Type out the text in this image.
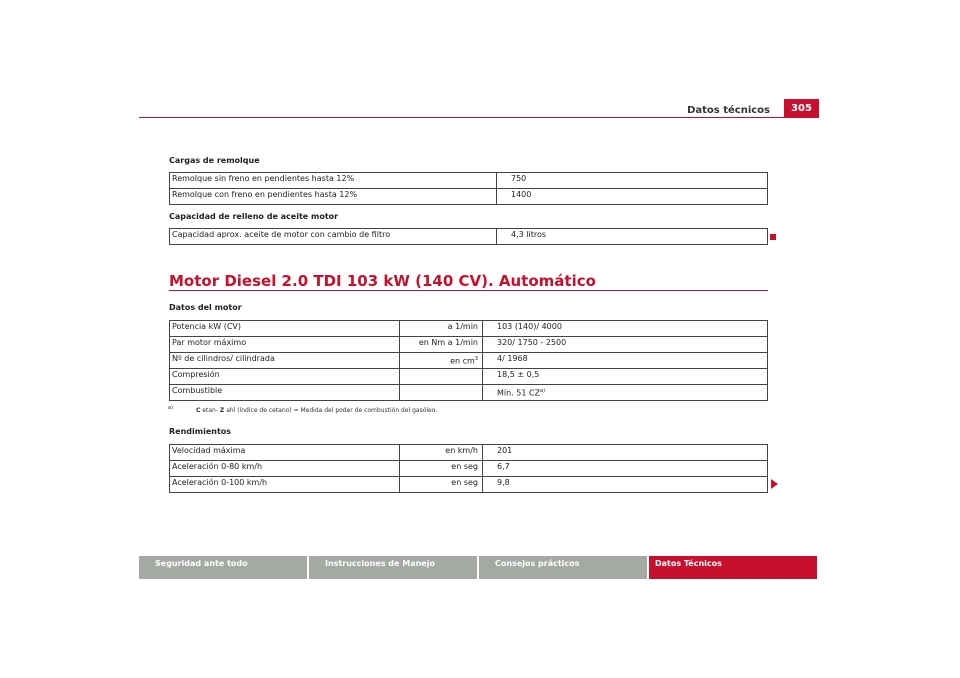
Datos técnicos	305
Cargas de remolque
Remolque sin freno en pendientes hasta 12%	750
Remolque con freno en pendientes hasta 12%	1400
Capacidad de relleno de aceite motor
Capacidad aprox. aceite de motor con cambio de filtro	4,3 litros
Motor Diesel 2.0 TDI 103 kW (140 CV). Automático
Datos del motor
Potencia kW (CV)	a 1/min	103 (140)/ 4000
Par motor máximo	en Nm a 1/min	320/ 1750 - 2500
Nº de cilindros/ cilindrada	en $cm^3$	4/ 1968
Compresión		18,5 ± 0,5
Combustible		Mín. 51 CZ$^{a)}$
a)	C etan- Z ahl (índice de cetano) = Medida del poder de combustión del gasóleo.
Rendimientos
Velocidad máxima	en km/h	201
Aceleración 0-80 km/h	en seg	6,7
Aceleración 0-100 km/h	en seg	9,8
Seguridad ante todo	Instrucciones de Manejo	Consejos prácticos	Datos Técnicos
